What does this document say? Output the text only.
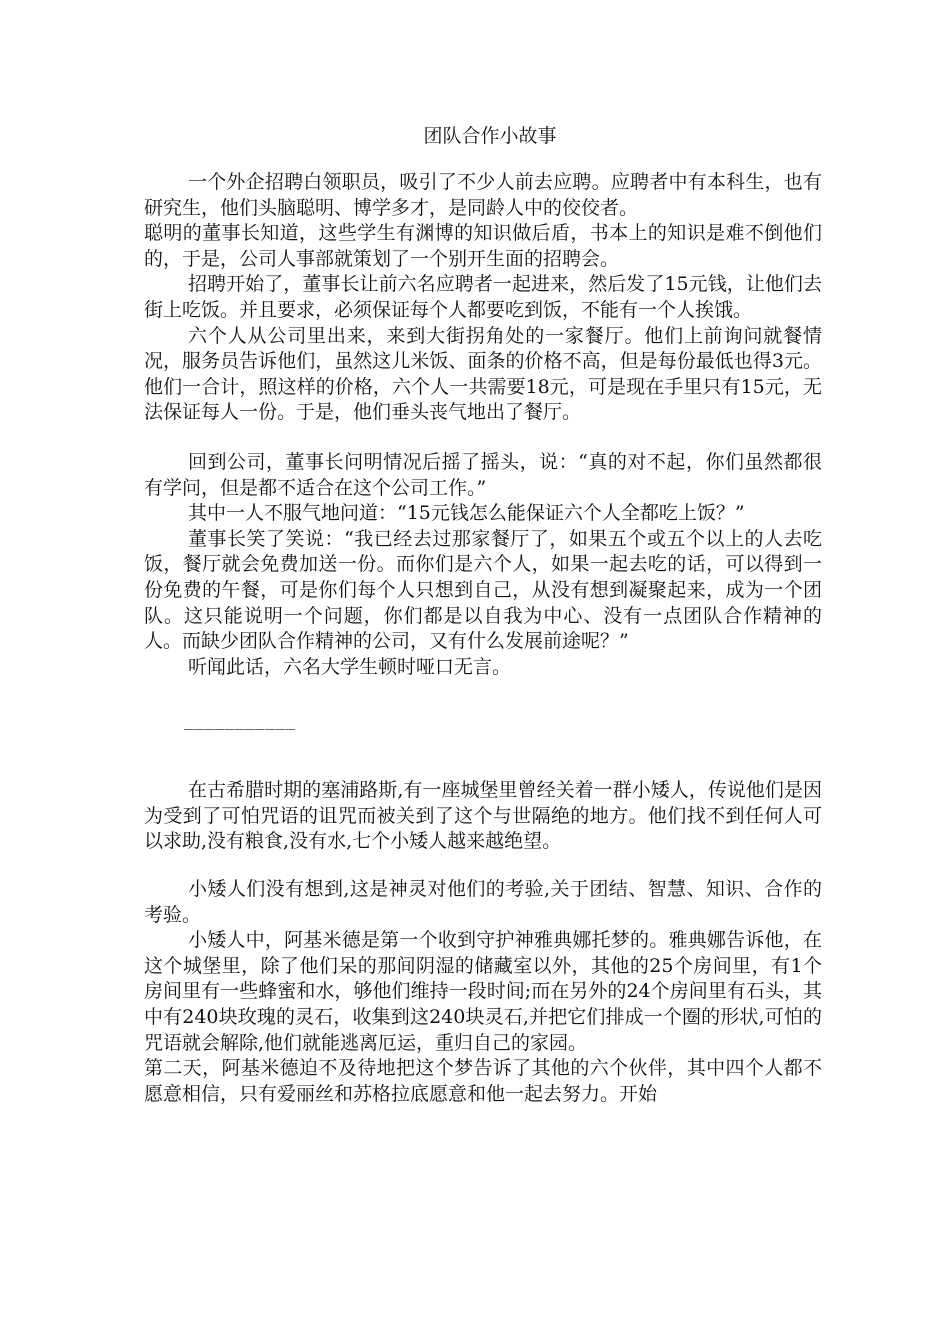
团队合作小故事

一个外企招聘白领职员，吸引了不少人前去应聘。应聘者中有本科生，也有研究生，他们头脑聪明、博学多才，是同龄人中的佼佼者。

聪明的董事长知道，这些学生有渊博的知识做后盾，书本上的知识是难不倒他们的，于是，公司人事部就策划了一个别开生面的招聘会。

招聘开始了，董事长让前六名应聘者一起进来，然后发了15元钱，让他们去街上吃饭。并且要求，必须保证每个人都要吃到饭，不能有一个人挨饿。

六个人从公司里出来，来到大街拐角处的一家餐厅。他们上前询问就餐情况，服务员告诉他们，虽然这儿米饭、面条的价格不高，但是每份最低也得3元。他们一合计，照这样的价格，六个人一共需要18元，可是现在手里只有15元，无法保证每人一份。于是，他们垂头丧气地出了餐厅。

回到公司，董事长问明情况后摇了摇头，说：“真的对不起，你们虽然都很有学问，但是都不适合在这个公司工作。”

其中一人不服气地问道：“15元钱怎么能保证六个人全都吃上饭？”

董事长笑了笑说：“我已经去过那家餐厅了，如果五个或五个以上的人去吃饭，餐厅就会免费加送一份。而你们是六个人，如果一起去吃的话，可以得到一份免费的午餐，可是你们每个人只想到自己，从没有想到凝聚起来，成为一个团队。这只能说明一个问题，你们都是以自我为中心、没有一点团队合作精神的人。而缺少团队合作精神的公司，又有什么发展前途呢？”

听闻此话，六名大学生顿时哑口无言。

___________

在古希腊时期的塞浦路斯,有一座城堡里曾经关着一群小矮人，传说他们是因为受到了可怕咒语的诅咒而被关到了这个与世隔绝的地方。他们找不到任何人可以求助,没有粮食,没有水,七个小矮人越来越绝望。

小矮人们没有想到,这是神灵对他们的考验,关于团结、智慧、知识、合作的考验。

小矮人中，阿基米德是第一个收到守护神雅典娜托梦的。雅典娜告诉他，在这个城堡里，除了他们呆的那间阴湿的储藏室以外，其他的25个房间里，有1个房间里有一些蜂蜜和水，够他们维持一段时间;而在另外的24个房间里有石头，其中有240块玫瑰的灵石，收集到这240块灵石,并把它们排成一个圈的形状,可怕的咒语就会解除,他们就能逃离厄运，重归自己的家园。

第二天，阿基米德迫不及待地把这个梦告诉了其他的六个伙伴，其中四个人都不愿意相信，只有爱丽丝和苏格拉底愿意和他一起去努力。开始
